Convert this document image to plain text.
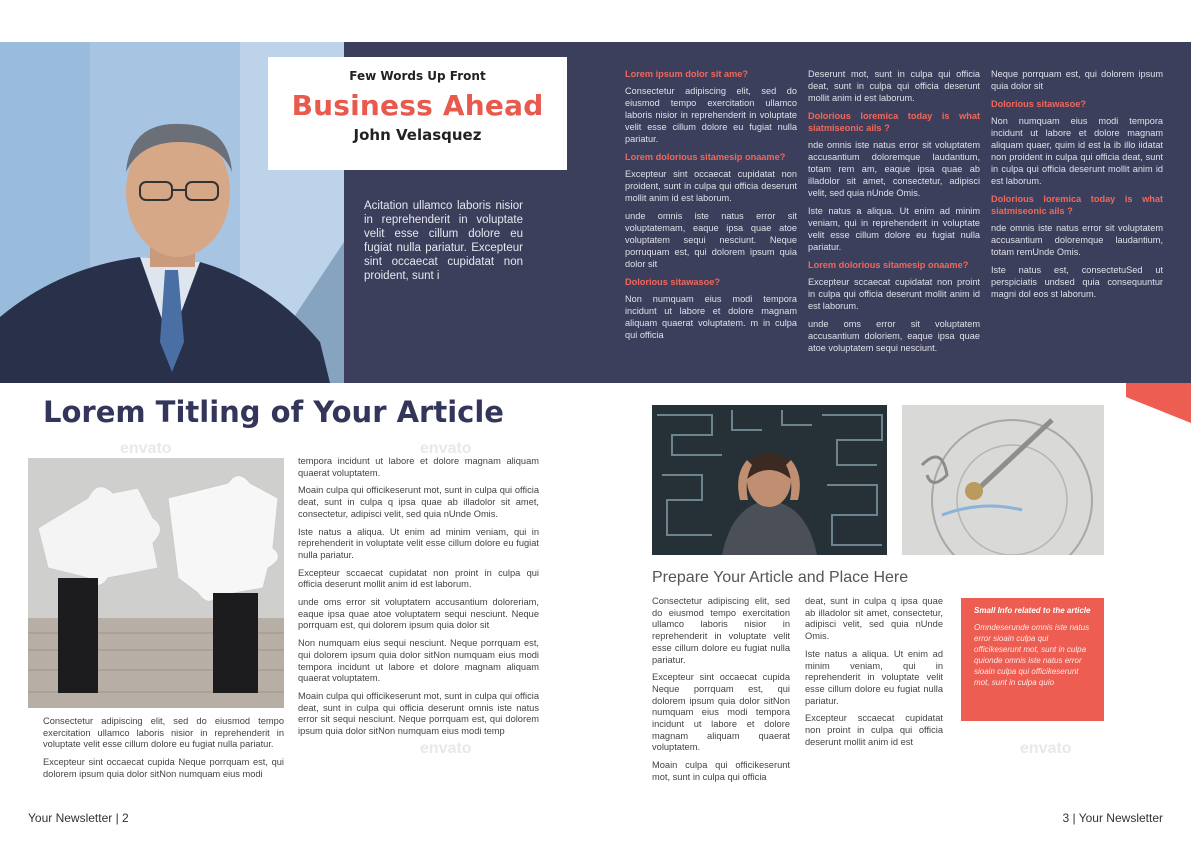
Few Words Up Front
Business Ahead
John Velasquez
Acitation ullamco laboris nisior in reprehenderit in voluptate velit esse cillum dolore eu fugiat nulla pariatur. Excepteur sint occaecat cupidatat non proident, sunt i
Lorem ipsum dolor sit ame?

Consectetur adipiscing elit, sed do eiusmod tempo exercitation ullamco laboris nisior in reprehenderit in voluptate velit esse cillum dolore eu fugiat nulla pariatur.

Lorem dolorious sitamesip onaame?

Excepteur sint occaecat cupidatat non proident, sunt in culpa qui officia deserunt mollit anim id est laborum.

unde omnis iste natus error sit voluptatemam, eaque ipsa quae atoe voluptatem sequi nesciunt. Neque porruquam est, qui dolorem ipsum quia dolor sit

Dolorious sitawasoe?

Non numquam eius modi tempora incidunt ut labore et dolore magnam aliquam quaerat voluptatem. m in culpa qui officia

Deserunt mot, sunt in culpa qui officia deat, sunt in culpa qui officia deserunt mollit anim id est laborum.

Dolorious loremica today is what siatmiseonic ails ?

nde omnis iste natus error sit voluptatem accusantium doloremque laudantium, totam rem am, eaque ipsa quae ab illadolor sit amet, consectetur, adipisci velit, sed quia nUnde Omis.

Iste natus a aliqua. Ut enim ad minim veniam, qui in reprehenderit in voluptate velit esse cillum dolore eu fugiat nulla pariatur.

Lorem dolorious sitamesip onaame?

Excepteur sccaecat cupidatat non proint in culpa qui officia deserunt mollit anim id est laborum.

unde oms error sit voluptatem accusantium doloriem, eaque ipsa quae atoe voluptatem sequi nesciunt.

Neque porrquam est, qui dolorem ipsum quia dolor sit

Dolorious sitawasoe?

Non numquam eius modi tempora incidunt ut labore et dolore magnam aliquam quaer, quim id est la ib illo iidatat non proident in culpa qui officia deat, sunt in culpa qui officia deserunt mollit anim id est laborum.

Dolorious loremica today is what siatmiseonic ails ?

nde omnis iste natus error sit voluptatem accusantium doloremque laudantium, totam remUnde Omis.

Iste natus est, consectetuSed ut perspiciatis undsed quia consequuntur magni dol eos st laborum.

Lorem Titling of Your Article

Consectetur adipiscing elit, sed do eiusmod tempo exercitation ullamco laboris nisior in reprehenderit in voluptate velit esse cillum dolore eu fugiat nulla pariatur.

Excepteur sint occaecat cupida Neque porrquam est, qui dolorem ipsum quia dolor sitNon numquam eius modi

tempora incidunt ut labore et dolore magnam aliquam quaerat voluptatem.

Moain culpa qui officikeserunt mot, sunt in culpa qui officia deat, sunt in culpa q ipsa quae ab illadolor sit amet, consectetur, adipisci velit, sed quia nUnde Omis.

Iste natus a aliqua. Ut enim ad minim veniam, qui in reprehenderit in voluptate velit esse cillum dolore eu fugiat nulla pariatur.

Excepteur sccaecat cupidatat non proint in culpa qui officia deserunt mollit anim id est laborum.

unde oms error sit voluptatem accusantium doloreriam, eaque ipsa quae atoe voluptatem sequi nesciunt. Neque porrquam est, qui dolorem ipsum quia dolor sit

Non numquam eius sequi nesciunt. Neque porrquam est, qui dolorem ipsum quia dolor sitNon numquam eius modi tempora incidunt ut labore et dolore magnam aliquam quaerat voluptatem.

Moain culpa qui officikeserunt mot, sunt in culpa qui officia deat, sunt in culpa qui officia deserunt omnis iste natus error sit sequi nesciunt. Neque porrquam est, qui dolorem ipsum quia dolor sitNon numquam eius modi temp

Your Newsletter | 2
Prepare Your Article and Place Here

Consectetur adipiscing elit, sed do eiusmod tempo exercitation ullamco laboris nisior in reprehenderit in voluptate velit esse cillum dolore eu fugiat nulla pariatur.

Excepteur sint occaecat cupida Neque porrquam est, qui dolorem ipsum quia dolor sitNon numquam eius modi tempora incidunt ut labore et dolore magnam aliquam quaerat voluptatem.

Moain culpa qui officikeserunt mot, sunt in culpa qui officia

deat, sunt in culpa q ipsa quae ab illadolor sit amet, consectetur, adipisci velit, sed quia nUnde Omis.

Iste natus a aliqua. Ut enim ad minim veniam, qui in reprehenderit in voluptate velit esse cillum dolore eu fugiat nulla pariatur.

Excepteur sccaecat cupidatat non proint in culpa qui officia deserunt mollit anim id est

Small Info related to the article
Omndeserunde omnis iste natus error sioain culpa qui officikeserunt mot, sunt in culpa quionde omnis iste natus error sioain culpa qui officikeserunt mot, sunt in culpa quio
3 | Your Newsletter
envato	envato
envato	envato
